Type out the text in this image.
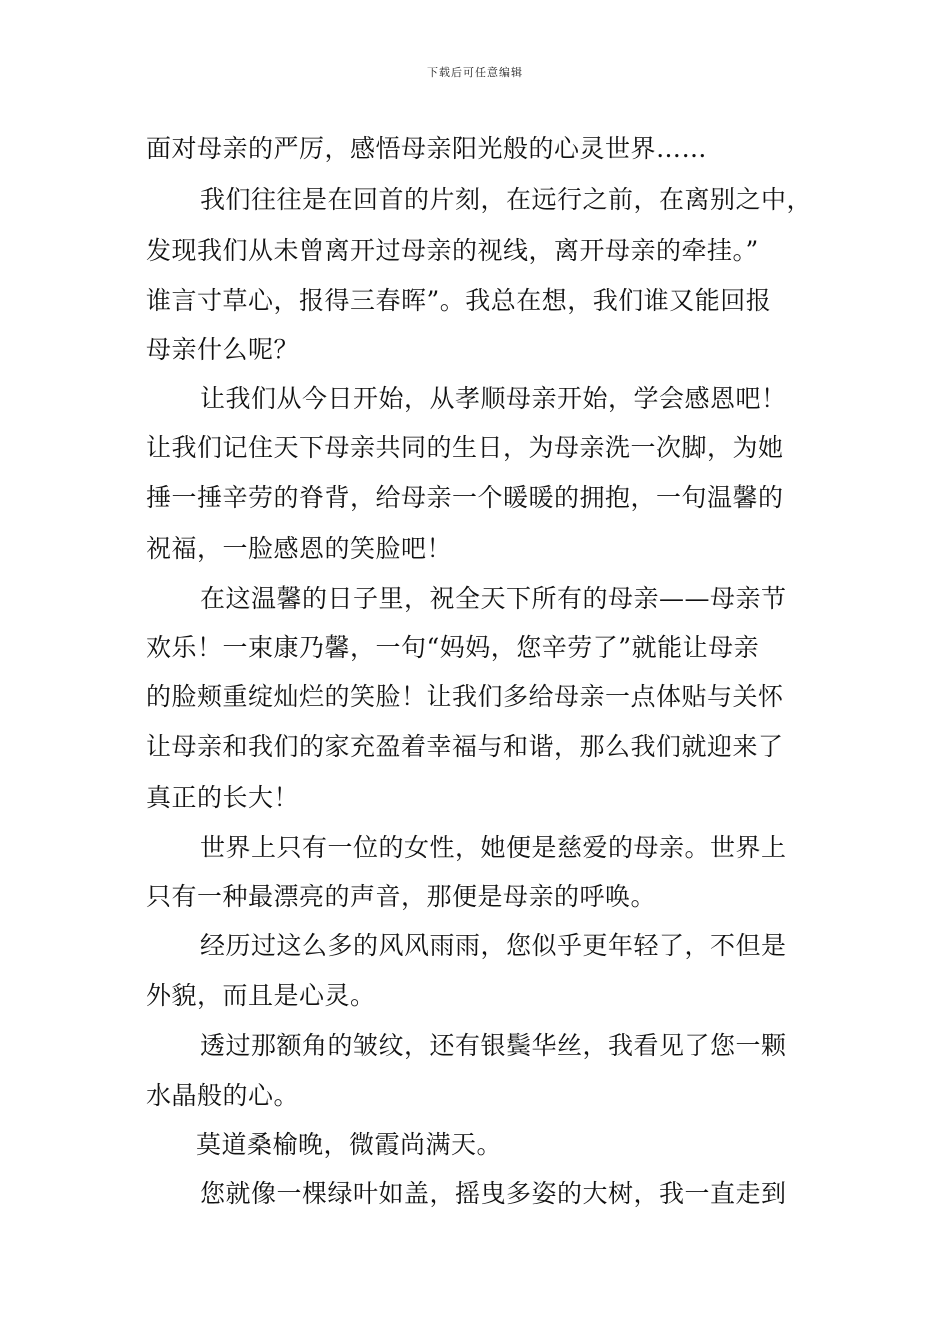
下载后可任意编辑
面对母亲的严厉，感悟母亲阳光般的心灵世界……
我们往往是在回首的片刻，在远行之前，在离别之中，
发现我们从未曾离开过母亲的视线，离开母亲的牵挂。”
谁言寸草心，报得三春晖”。我总在想，我们谁又能回报
母亲什么呢？
让我们从今日开始，从孝顺母亲开始，学会感恩吧！
让我们记住天下母亲共同的生日，为母亲洗一次脚，为她
捶一捶辛劳的脊背，给母亲一个暖暖的拥抱，一句温馨的
祝福，一脸感恩的笑脸吧！
在这温馨的日子里，祝全天下所有的母亲——母亲节
欢乐！一束康乃馨，一句“妈妈，您辛劳了”就能让母亲
的脸颊重绽灿烂的笑脸！让我们多给母亲一点体贴与关怀
让母亲和我们的家充盈着幸福与和谐，那么我们就迎来了
真正的长大！
世界上只有一位的女性，她便是慈爱的母亲。世界上
只有一种最漂亮的声音，那便是母亲的呼唤。
经历过这么多的风风雨雨，您似乎更年轻了，不但是
外貌，而且是心灵。
透过那额角的皱纹，还有银鬓华丝，我看见了您一颗
水晶般的心。
莫道桑榆晚，微霞尚满天。
您就像一棵绿叶如盖，摇曳多姿的大树，我一直走到
